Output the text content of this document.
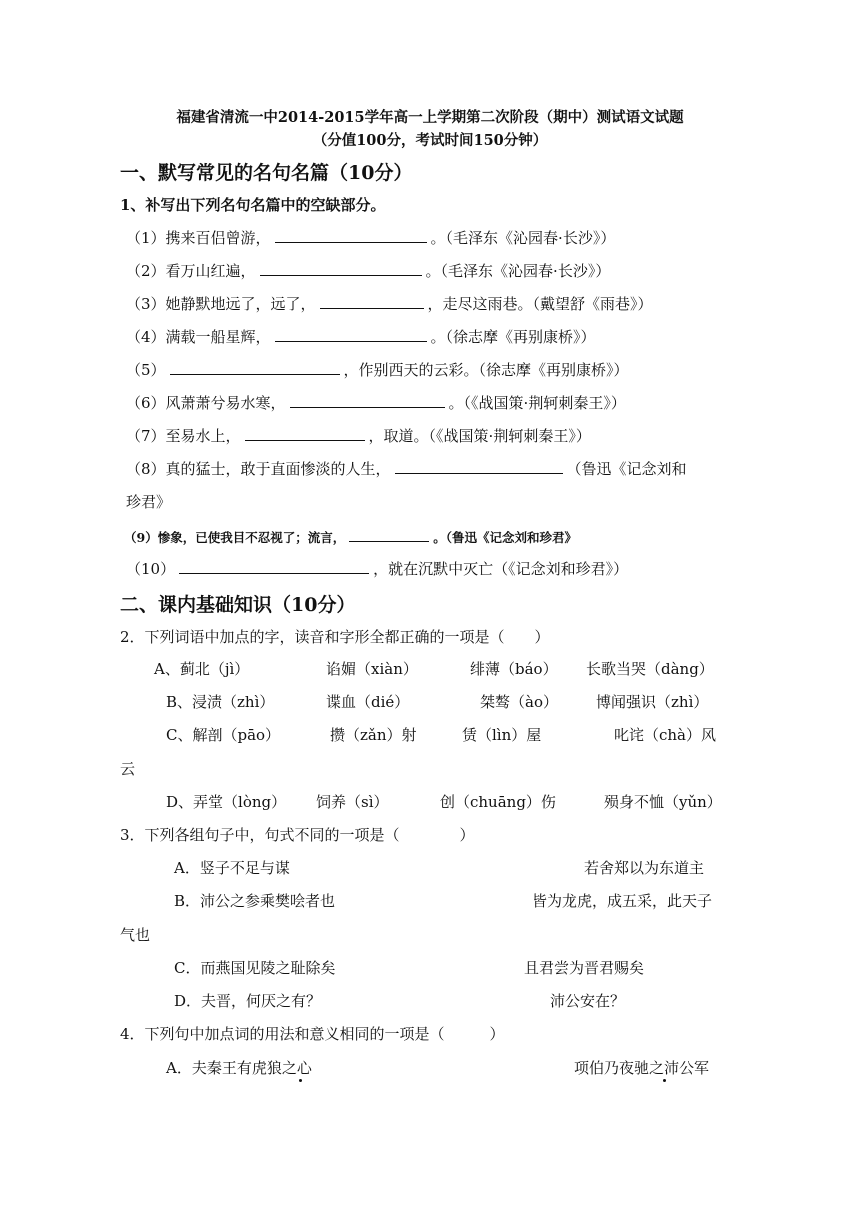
福建省清流一中2014-2015学年高一上学期第二次阶段（期中）测试语文试题
（分值100分，考试时间150分钟）
一、默写常见的名句名篇（10分）
1、补写出下列名句名篇中的空缺部分。
（1）携来百侣曾游，	。（毛泽东《沁园春·长沙》）
（2）看万山红遍，	。（毛泽东《沁园春·长沙》）
（3）她静默地远了，远了，	，走尽这雨巷。（戴望舒《雨巷》）
（4）满载一船星辉，	。（徐志摩《再别康桥》）
（5）	，作别西天的云彩。（徐志摩《再别康桥》）
（6）风萧萧兮易水寒，	。（《战国策·荆轲刺秦王》）
（7）至易水上，	，取道。（《战国策·荆轲刺秦王》）
（8）真的猛士，敢于直面惨淡的人生，	（鲁迅《记念刘和
珍君》
（9）惨象，已使我目不忍视了；流言，	。（鲁迅《记念刘和珍君》
（10）	，就在沉默中灭亡（《记念刘和珍君》）
二、课内基础知识（10分）
2．下列词语中加点的字，读音和字形全都正确的一项是（　　）
A、蓟北（jì）	谄媚（xiàn）	绯薄（báo） 长歌当哭（dàng）
B、浸渍（zhì）	谍血（dié）	桀骜（ào）	博闻强识（zhì）
C、解剖（pāo）	攒（zǎn）射	赁（lìn）屋	叱诧（chà）风
云
D、弄堂（lòng） 饲养（sì）	创（chuāng）伤	殒身不恤（yǔn）
3．下列各组句子中，句式不同的一项是（　　　　）
A．竖子不足与谋	若舍郑以为东道主
B．沛公之参乘樊哙者也	皆为龙虎，成五采，此天子
气也
C．而燕国见陵之耻除矣	且君尝为晋君赐矣
D．夫晋，何厌之有？	沛公安在？
4．下列句中加点词的用法和意义相同的一项是（　　　）
A．夫秦王有虎狼之心	项伯乃夜驰之沛公军
